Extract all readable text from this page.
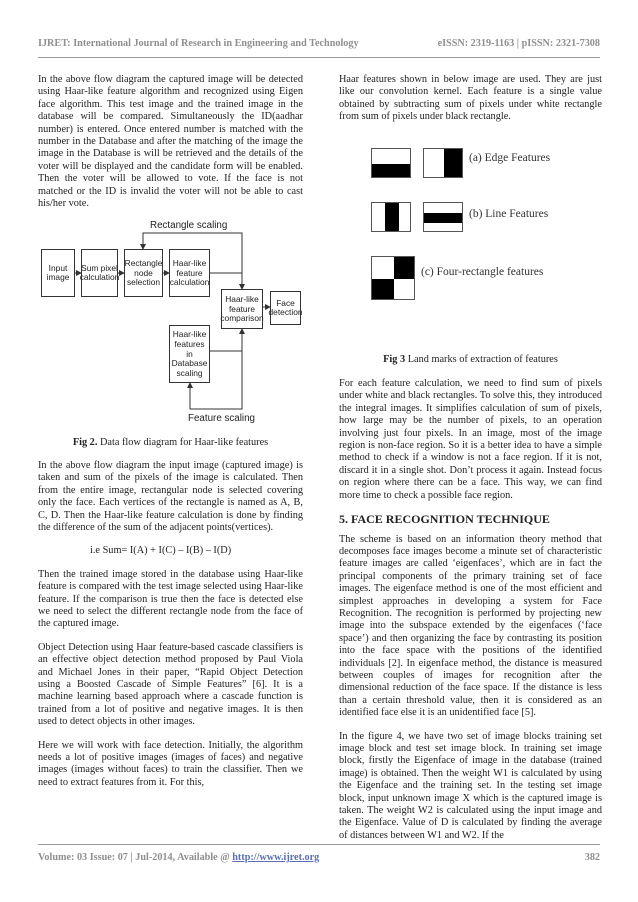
IJRET: International Journal of Research in Engineering and Technology	eISSN: 2319-1163 | pISSN: 2321-7308

In the above flow diagram the captured image will be detected using Haar-like feature algorithm and recognized using Eigen face algorithm. This test image and the trained image in the database will be compared. Simultaneously the ID(aadhar number) is entered. Once entered number is matched with the number in the Database and after the matching of the image the image in the Database is will be retrieved and the details of the voter will be displayed and the candidate form will be enabled. Then the voter will be allowed to vote. If the face is not matched or the ID is invalid the voter will not be able to cast his/her vote.

Rectangle scaling
Feature scaling
Input image
Sum pixel calculation
Rectangle node selection
Haar-like feature calculation
Haar-like feature comparison
Face detection
Haar-like features in Database scaling

Fig 2. Data flow diagram for Haar-like features

In the above flow diagram the input image (captured image) is taken and sum of the pixels of the image is calculated. Then from the entire image, rectangular node is selected covering only the face. Each vertices of the rectangle is named as A, B, C, D. Then the Haar-like feature calculation is done by finding the difference of the sum of the adjacent points(vertices).

i.e Sum= I(A) + I(C) – I(B) – I(D)

Then the trained image stored in the database using Haar-like feature is compared with the test image selected using Haar-like feature. If the comparison is true then the face is detected else we need to select the different rectangle node from the face of the captured image.

Object Detection using Haar feature-based cascade classifiers is an effective object detection method proposed by Paul Viola and Michael Jones in their paper, “Rapid Object Detection using a Boosted Cascade of Simple Features” [6]. It is a machine learning based approach where a cascade function is trained from a lot of positive and negative images. It is then used to detect objects in other images.

Here we will work with face detection. Initially, the algorithm needs a lot of positive images (images of faces) and negative images (images without faces) to train the classifier. Then we need to extract features from it. For this,

Haar features shown in below image are used. They are just like our convolution kernel. Each feature is a single value obtained by subtracting sum of pixels under white rectangle from sum of pixels under black rectangle.

(a) Edge Features
(b) Line Features
(c) Four-rectangle features

Fig 3 Land marks of extraction of features

For each feature calculation, we need to find sum of pixels under white and black rectangles. To solve this, they introduced the integral images. It simplifies calculation of sum of pixels, how large may be the number of pixels, to an operation involving just four pixels. In an image, most of the image region is non-face region. So it is a better idea to have a simple method to check if a window is not a face region. If it is not, discard it in a single shot. Don’t process it again. Instead focus on region where there can be a face. This way, we can find more time to check a possible face region.

5. FACE RECOGNITION TECHNIQUE

The scheme is based on an information theory method that decomposes face images become a minute set of characteristic feature images are called ‘eigenfaces’, which are in fact the principal components of the primary training set of face images. The eigenface method is one of the most efficient and simplest approaches in developing a system for Face Recognition. The recognition is performed by projecting new image into the subspace extended by the eigenfaces (‘face space’) and then organizing the face by contrasting its position into the face space with the positions of the identified individuals [2]. In eigenface method, the distance is measured between couples of images for recognition after the dimensional reduction of the face space. If the distance is less than a certain threshold value, then it is considered as an identified face else it is an unidentified face [5].

In the figure 4, we have two set of image blocks training set image block and test set image block. In training set image block, firstly the Eigenface of image in the database (trained image) is obtained. Then the weight W1 is calculated by using the Eigenface and the training set. In the testing set image block, input unknown image X which is the captured image is taken. The weight W2 is calculated using the input image and the Eigenface. Value of D is calculated by finding the average of distances between W1 and W2. If the

Volume: 03 Issue: 07 | Jul-2014, Available @ http://www.ijret.org	382
